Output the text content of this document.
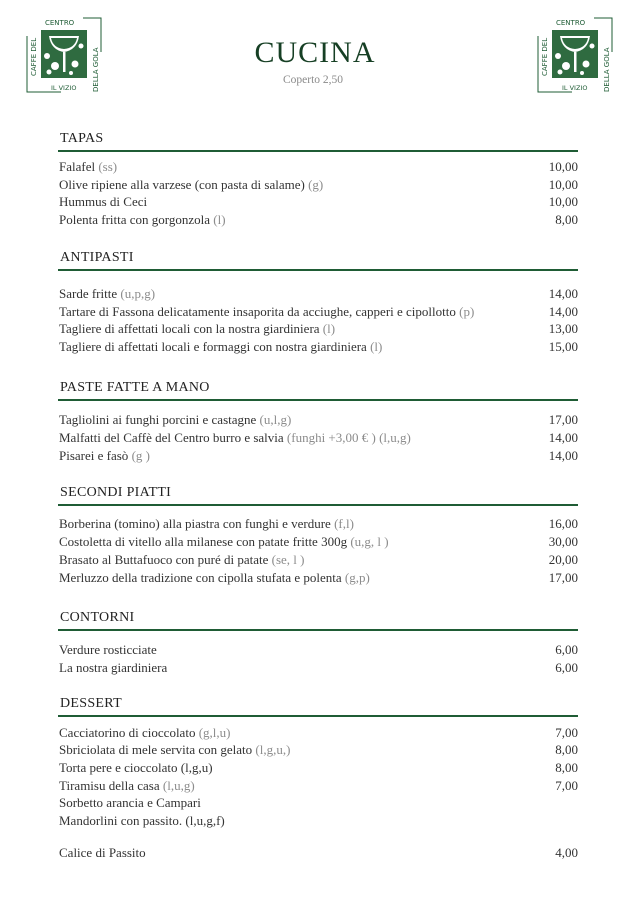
CENTRO
IL VIZIO
CAFFE DEL	DELLA GOLA
CENTRO
IL VIZIO
CAFFE DEL	DELLA GOLA
CUCINA
Coperto 2,50
TAPAS
Falafel (ss)	10,00
Olive ripiene alla varzese (con pasta di salame) (g)	10,00
Hummus di Ceci	10,00
Polenta fritta con gorgonzola (l)	8,00
ANTIPASTI
Sarde fritte (u,p,g)	14,00
Tartare di Fassona delicatamente insaporita da acciughe, capperi e cipollotto (p)	14,00
Tagliere di affettati locali con la nostra giardiniera (l)	13,00
Tagliere di affettati locali e formaggi con nostra giardiniera (l)	15,00
PASTE FATTE A MANO
Tagliolini ai funghi porcini e castagne (u,l,g)	17,00
Malfatti del Caffè del Centro burro e salvia (funghi +3,00 € ) (l,u,g)	14,00
Pisarei e fasò (g )	14,00
SECONDI PIATTI
Borberina (tomino) alla piastra con funghi e verdure (f,l)	16,00
Costoletta di vitello alla milanese con patate fritte 300g (u,g, l )	30,00
Brasato al Buttafuoco con puré di patate (se, l )	20,00
Merluzzo della tradizione con cipolla stufata e polenta (g,p)	17,00
CONTORNI
Verdure rosticciate	6,00
La nostra giardiniera	6,00
DESSERT
Cacciatorino di cioccolato (g,l,u)	7,00
Sbriciolata di mele servita con gelato (l,g,u,)	8,00
Torta pere e cioccolato (l,g,u)	8,00
Tiramisu della casa (l,u,g)	7,00
Sorbetto arancia e Campari
Mandorlini con passito. (l,u,g,f)
Calice di Passito	4,00
